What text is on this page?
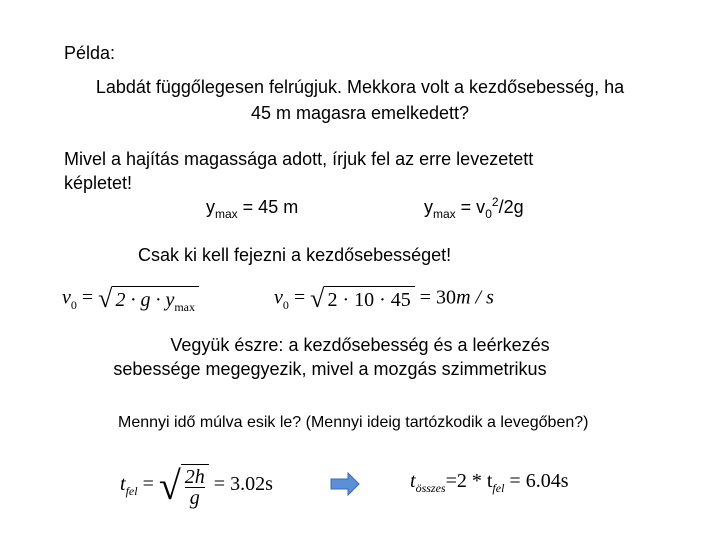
Példa:
Labdát függőlegesen felrúgjuk. Mekkora volt a kezdősebesség, ha
45 m magasra emelkedett?
Mivel a hajítás magassága adott, írjuk fel az erre levezetett
képletet!
$y_{max} = 45$ m	$y_{max} = v_0^2/2g$
Csak ki kell fejezni a kezdősebességet!
$v_0$ = √ $2 \cdot g \cdot y_{max}$	$v_0$ = √ 2 · 10 · 45 = 30m / s
Vegyük észre: a kezdősebesség és a leérkezés
sebessége megegyezik, mivel a mozgás szimmetrikus
Mennyi idő múlva esik le? (Mennyi ideig tartózkodik a levegőben?)
$t_{fel}$ = √ $\frac{2h}{g} = 3.02s$	$t_{összes}=2 * t_{fel} = 6.04s$
